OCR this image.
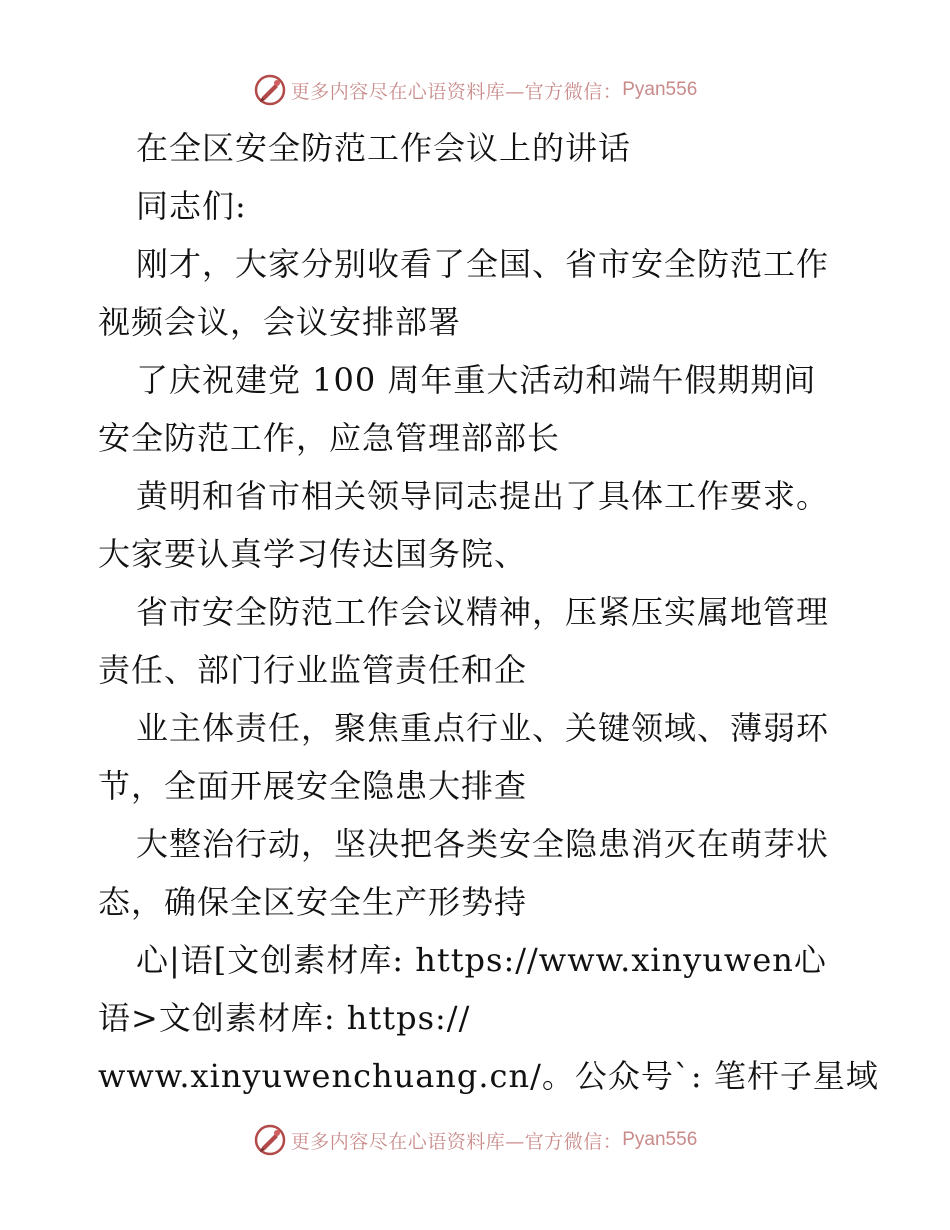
更多内容尽在心语资料库—官方微信： Pyan556
在全区安全防范工作会议上的讲话
同志们:
刚才，大家分别收看了全国、省市安全防范工作
视频会议，会议安排部署
了庆祝建党 100 周年重大活动和端午假期期间
安全防范工作，应急管理部部长
黄明和省市相关领导同志提出了具体工作要求。
大家要认真学习传达国务院、
省市安全防范工作会议精神，压紧压实属地管理
责任、部门行业监管责任和企
业主体责任，聚焦重点行业、关键领域、薄弱环
节，全面开展安全隐患大排查
大整治行动，坚决把各类安全隐患消灭在萌芽状
态，确保全区安全生产形势持
心|语[文创素材库: https://www.xinyuwen心
语>文创素材库: https://
www.xinyuwenchuang.cn/。公众号`: 笔杆子星域
更多内容尽在心语资料库—官方微信： Pyan556
